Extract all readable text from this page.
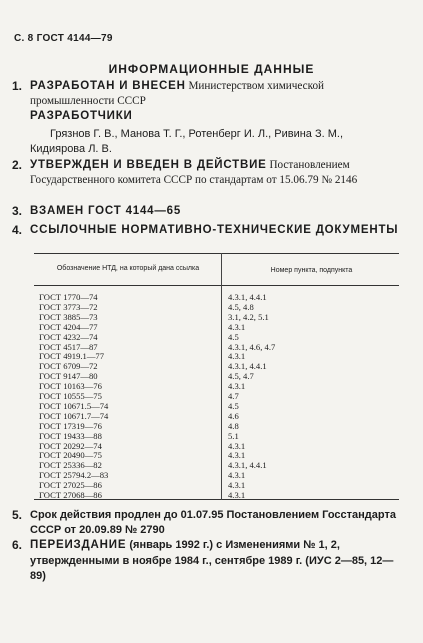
С. 8 ГОСТ 4144—79
ИНФОРМАЦИОННЫЕ ДАННЫЕ
1. РАЗРАБОТАН И ВНЕСЕН Министерством химической промышленности СССР
РАЗРАБОТЧИКИ
Грязнов Г. В., Манова Т. Г., Ротенберг И. Л., Ривина З. М., Кидиярова Л. В.
2. УТВЕРЖДЕН И ВВЕДЕН В ДЕЙСТВИЕ Постановлением Государственного комитета СССР по стандартам от 15.06.79 № 2146
3. ВЗАМЕН ГОСТ 4144—65
4. ССЫЛОЧНЫЕ НОРМАТИВНО-ТЕХНИЧЕСКИЕ ДОКУМЕНТЫ
Обозначение НТД, на который дана ссылка	Номер пункта, подпункта
ГОСТ 1770—74	4.3.1, 4.4.1
ГОСТ 3773—72	4.5, 4.8
ГОСТ 3885—73	3.1, 4.2, 5.1
ГОСТ 4204—77	4.3.1
ГОСТ 4232—74	4.5
ГОСТ 4517—87	4.3.1, 4.6, 4.7
ГОСТ 4919.1—77	4.3.1
ГОСТ 6709—72	4.3.1, 4.4.1
ГОСТ 9147—80	4.5, 4.7
ГОСТ 10163—76	4.3.1
ГОСТ 10555—75	4.7
ГОСТ 10671.5—74	4.5
ГОСТ 10671.7—74	4.6
ГОСТ 17319—76	4.8
ГОСТ 19433—88	5.1
ГОСТ 20292—74	4.3.1
ГОСТ 20490—75	4.3.1
ГОСТ 25336—82	4.3.1, 4.4.1
ГОСТ 25794.2—83	4.3.1
ГОСТ 27025—86	4.3.1
ГОСТ 27068—86	4.3.1
5. Срок действия продлен до 01.07.95 Постановлением Госстандарта СССР от 20.09.89 № 2790
6. ПЕРЕИЗДАНИЕ (январь 1992 г.) с Изменениями № 1, 2, утвержденными в ноябре 1984 г., сентябре 1989 г. (ИУС 2—85, 12—89)
